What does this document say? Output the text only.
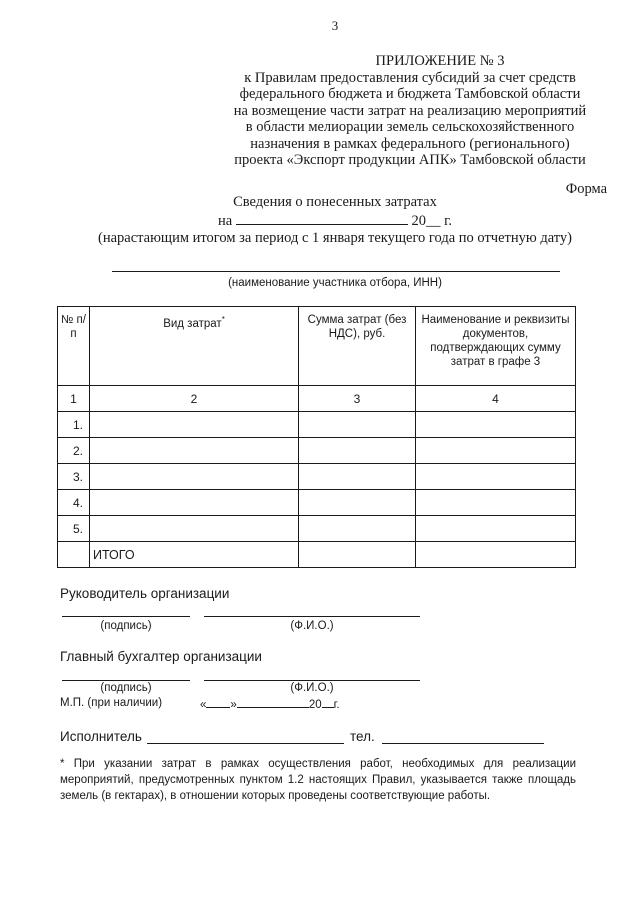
3
ПРИЛОЖЕНИЕ № 3
к Правилам предоставления субсидий за счет средств
федерального бюджета и бюджета Тамбовской области
на возмещение части затрат на реализацию мероприятий
в области мелиорации земель сельскохозяйственного
назначения в рамках федерального (регионального)
проекта «Экспорт продукции АПК» Тамбовской области
Форма
Сведения о понесенных затратах
на	20__ г.
(нарастающим итогом за период с 1 января текущего года по отчетную дату)
(наименование участника отбора, ИНН)
№ п/п	Вид затрат*	Сумма затрат (без НДС), руб.	Наименование и реквизиты документов, подтверждающих сумму затрат в графе 3
1	2	3	4
1.			
2.			
3.			
4.			
5.			
	ИТОГО		
Руководитель организации
(подпись)	(Ф.И.О.)
Главный бухгалтер организации
(подпись)	(Ф.И.О.)
М.П. (при наличии)	« »	20 г.
Исполнитель	тел.
* При указании затрат в рамках осуществления работ, необходимых для реализации мероприятий, предусмотренных пунктом 1.2 настоящих Правил, указывается также площадь земель (в гектарах), в отношении которых проведены соответствующие работы.
